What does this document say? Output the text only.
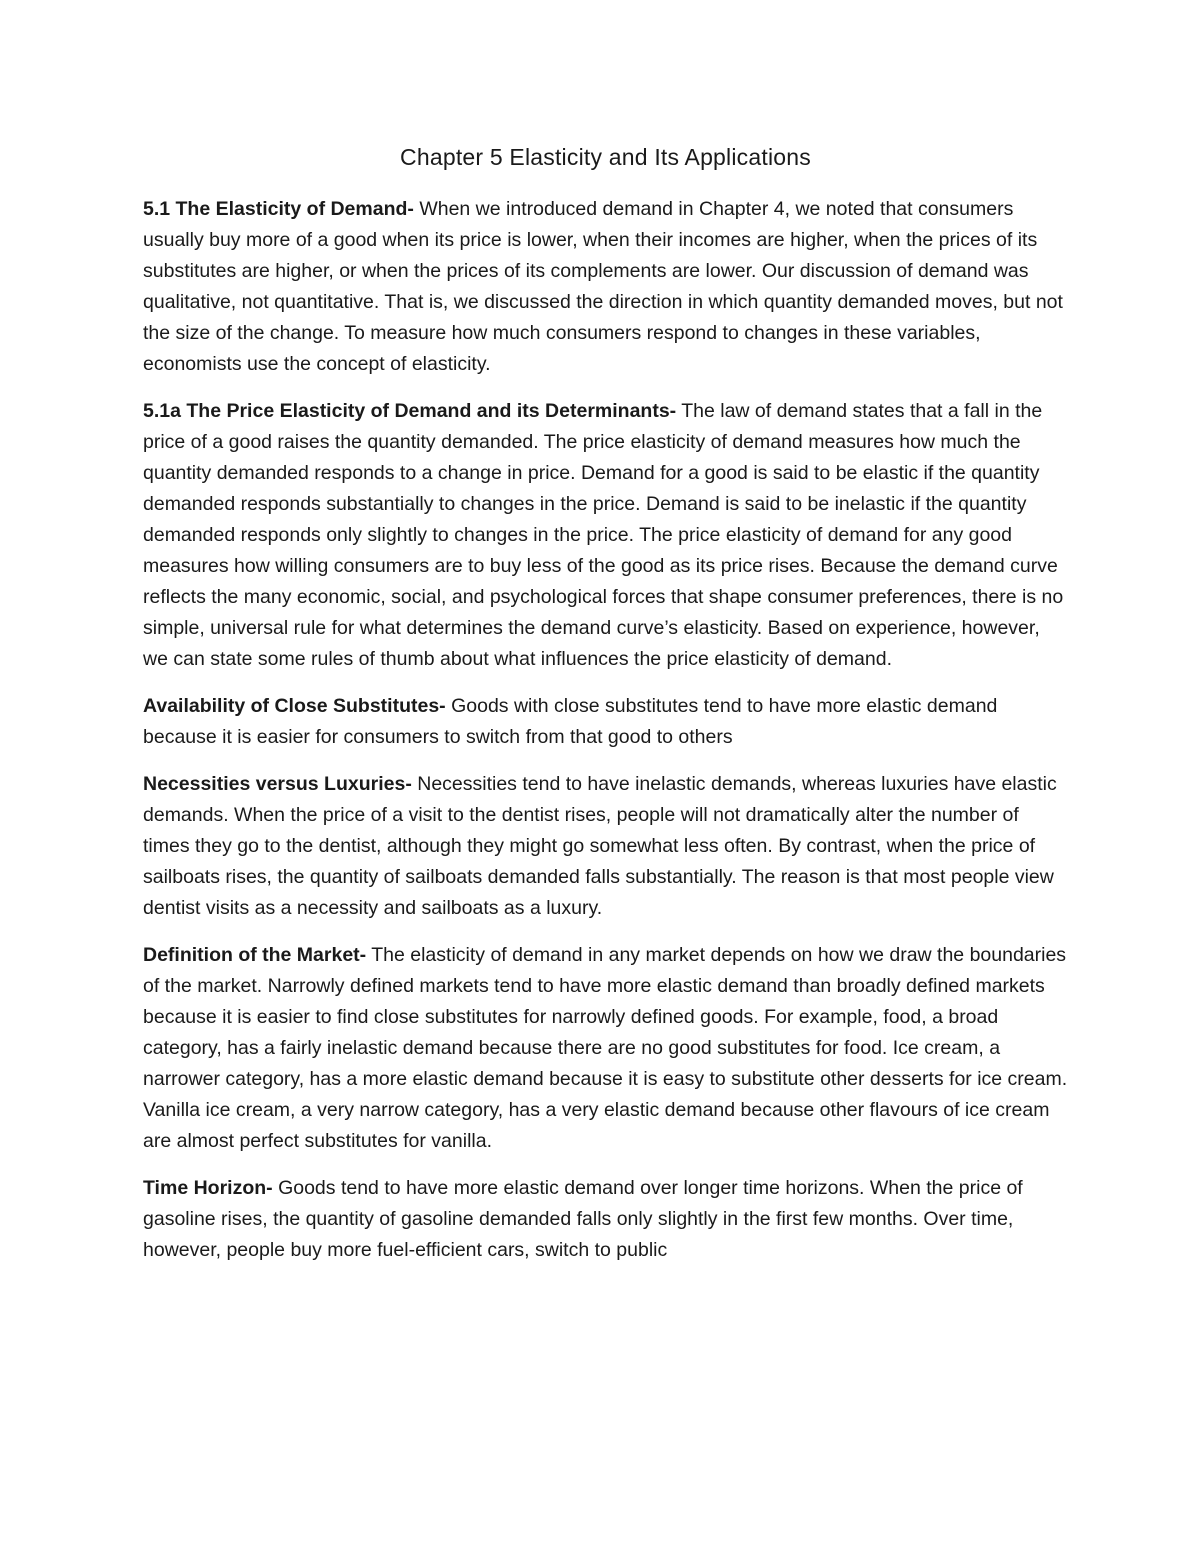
Chapter 5 Elasticity and Its Applications

5.1 The Elasticity of Demand- When we introduced demand in Chapter 4, we noted that consumers usually buy more of a good when its price is lower, when their incomes are higher, when the prices of its substitutes are higher, or when the prices of its complements are lower. Our discussion of demand was qualitative, not quantitative. That is, we discussed the direction in which quantity demanded moves, but not the size of the change. To measure how much consumers respond to changes in these variables, economists use the concept of elasticity.

5.1a The Price Elasticity of Demand and its Determinants- The law of demand states that a fall in the price of a good raises the quantity demanded. The price elasticity of demand measures how much the quantity demanded responds to a change in price. Demand for a good is said to be elastic if the quantity demanded responds substantially to changes in the price. Demand is said to be inelastic if the quantity demanded responds only slightly to changes in the price. The price elasticity of demand for any good measures how willing consumers are to buy less of the good as its price rises. Because the demand curve reflects the many economic, social, and psychological forces that shape consumer preferences, there is no simple, universal rule for what determines the demand curve’s elasticity. Based on experience, however, we can state some rules of thumb about what influences the price elasticity of demand.

Availability of Close Substitutes- Goods with close substitutes tend to have more elastic demand because it is easier for consumers to switch from that good to others

Necessities versus Luxuries- Necessities tend to have inelastic demands, whereas luxuries have elastic demands. When the price of a visit to the dentist rises, people will not dramatically alter the number of times they go to the dentist, although they might go somewhat less often. By contrast, when the price of sailboats rises, the quantity of sailboats demanded falls substantially. The reason is that most people view dentist visits as a necessity and sailboats as a luxury.

Definition of the Market- The elasticity of demand in any market depends on how we draw the boundaries of the market. Narrowly defined markets tend to have more elastic demand than broadly defined markets because it is easier to find close substitutes for narrowly defined goods. For example, food, a broad category, has a fairly inelastic demand because there are no good substitutes for food. Ice cream, a narrower category, has a more elastic demand because it is easy to substitute other desserts for ice cream. Vanilla ice cream, a very narrow category, has a very elastic demand because other flavours of ice cream are almost perfect substitutes for vanilla.

Time Horizon- Goods tend to have more elastic demand over longer time horizons. When the price of gasoline rises, the quantity of gasoline demanded falls only slightly in the first few months. Over time, however, people buy more fuel-efficient cars, switch to public
